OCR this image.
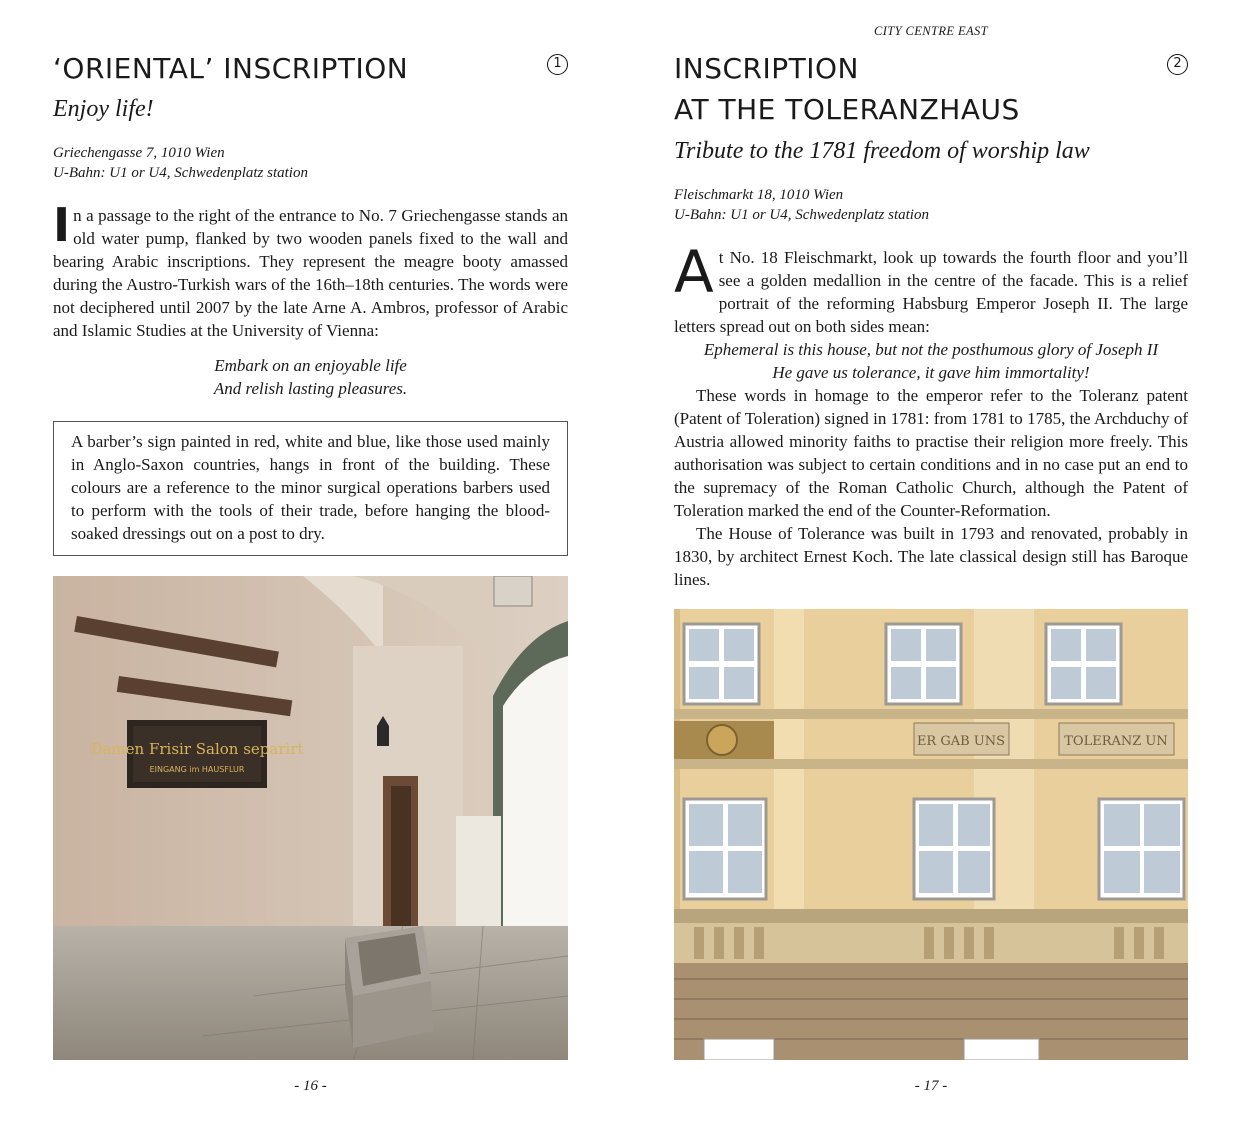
‘ORIENTAL’ INSCRIPTION	1
Enjoy life!
Griechengasse 7, 1010 Wien
U-Bahn: U1 or U4, Schwedenplatz station
In a passage to the right of the entrance to No. 7 Griechengasse stands an old water pump, flanked by two wooden panels fixed to the wall and bearing Arabic inscriptions. They represent the meagre booty amassed during the Austro-Turkish wars of the 16th–18th centuries. The words were not deciphered until 2007 by the late Arne A. Ambros, professor of Arabic and Islamic Studies at the University of Vienna:
Embark on an enjoyable life
And relish lasting pleasures.
A barber’s sign painted in red, white and blue, like those used mainly in Anglo-Saxon countries, hangs in front of the building. These colours are a reference to the minor surgical operations barbers used to perform with the tools of their trade, before hanging the blood-soaked dressings out on a post to dry.
Damen Frisir Salon separirt
EINGANG im HAUSFLUR
- 16 -
CITY CENTRE EAST
INSCRIPTION
AT THE TOLERANZHAUS
2
Tribute to the 1781 freedom of worship law
Fleischmarkt 18, 1010 Wien
U-Bahn: U1 or U4, Schwedenplatz station

At No. 18 Fleischmarkt, look up towards the fourth floor and you’ll see a golden medallion in the centre of the facade. This is a relief portrait of the reforming Habsburg Emperor Joseph II. The large letters spread out on both sides mean:

Ephemeral is this house, but not the posthumous glory of Joseph II
He gave us tolerance, it gave him immortality!

These words in homage to the emperor refer to the Toleranz patent (Patent of Toleration) signed in 1781: from 1781 to 1785, the Archduchy of Austria allowed minority faiths to practise their religion more freely. This authorisation was subject to certain conditions and in no case put an end to the supremacy of the Roman Catholic Church, although the Patent of Toleration marked the end of the Counter-Reformation.

The House of Tolerance was built in 1793 and renovated, probably in 1830, by architect Ernest Koch. The late classical design still has Baroque lines.

ER GAB UNS	TOLERANZ UN
- 17 -
